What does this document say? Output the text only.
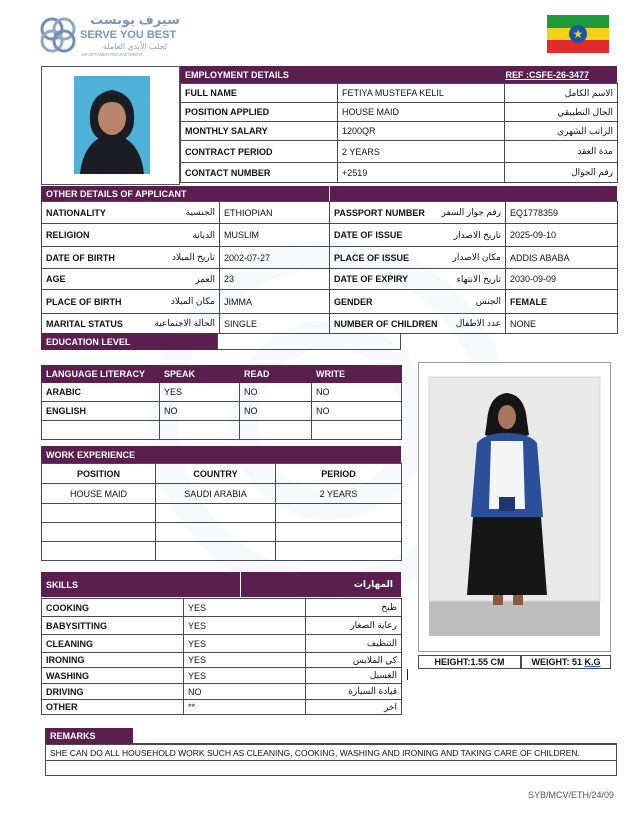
سيرف يوبست
SERVE YOU BEST
لجلب الأيدي العاملة
MANPOWER RECRUITMENT
★
EMPLOYMENT DETAILS	REF :CSFE-26-3477
FULL NAME	FETIYA MUSTEFA KELIL	الاسم الكامل
POSITION APPLIED	HOUSE MAID	الحال التطبيقي
MONTHLY SALARY	1200QR	الراتب الشهري
CONTRACT PERIOD	2 YEARS	مدة العقد
CONTACT NUMBER	+2519	رقم الجوال
OTHER DETAILS OF APPLICANT
NATIONALITY	الجنسية	ETHIOPIAN	PASSPORT NUMBER	رقم جواز السفر	EQ1778359
RELIGION	الديانة	MUSLIM	DATE OF ISSUE	تاريخ الاصدار	2025-09-10
DATE OF BIRTH	تاريخ الميلاد	2002-07-27	PLACE OF ISSUE	مكان الاصدار	ADDIS ABABA
AGE	العمر	23	DATE OF EXPIRY	تاريخ الانتهاء	2030-09-09
PLACE OF BIRTH	مكان الميلاد	JIMMA	GENDER	الجنس	FEMALE
MARITAL STATUS	الحالة الاجتماعية	SINGLE	NUMBER OF CHILDREN	عدد الاطفال	NONE
EDUCATION LEVEL
LANGUAGE LITERACY	SPEAK	READ	WRITE
ARABIC	YES	NO	NO
ENGLISH	NO	NO	NO

WORK EXPERIENCE
POSITION	COUNTRY	PERIOD
HOUSE MAID	SAUDI ARABIA	2 YEARS

SKILLS	المهارات
COOKING	YES	طبخ
BABYSITTING	YES	رعاية الصغار
CLEANING	YES	التنظيف
IRONING	YES	كي الملابس
WASHING	YES	الغسيل
DRIVING	NO	قيادة السيارة
OTHER	**	اخر
HEIGHT:1.55 CM	WEIGHT: 51 K.G
REMARKS
SHE CAN DO ALL HOUSEHOLD WORK SUCH AS CLEANING, COOKING, WASHING AND IRONING AND TAKING CARE OF CHILDREN.
SYB/MCV/ETH/24/09
